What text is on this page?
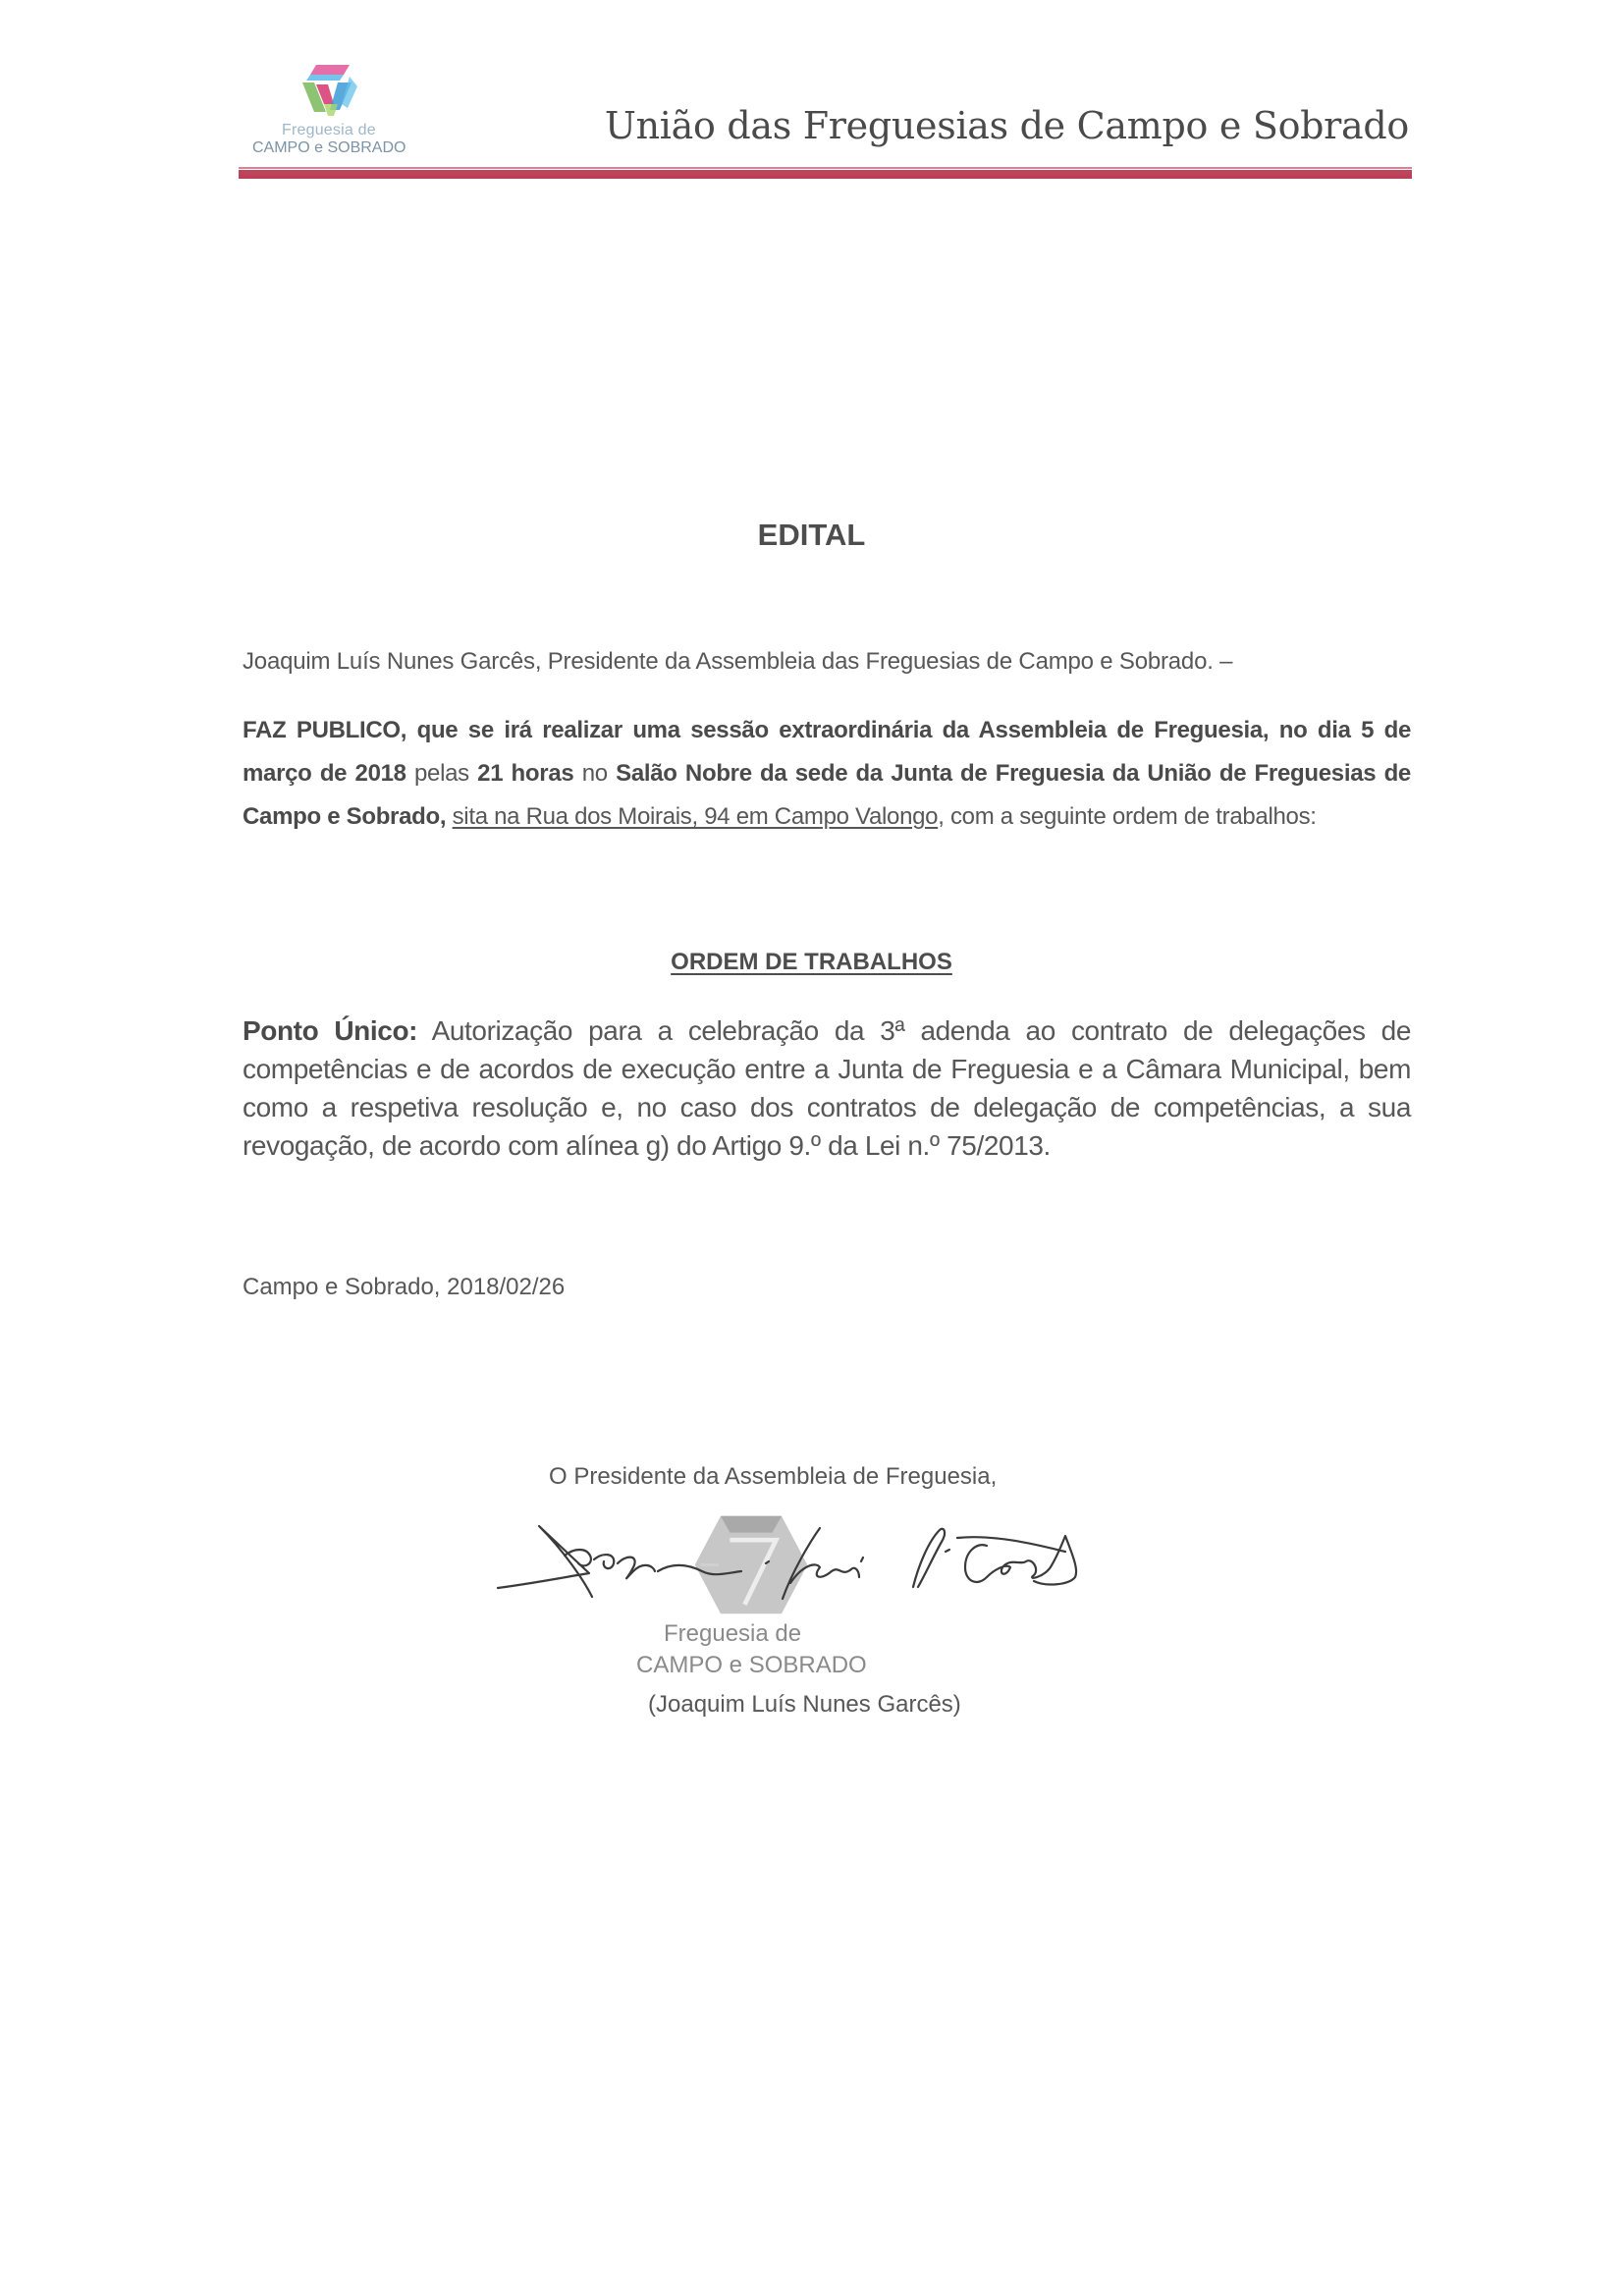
Freguesia de
CAMPO e SOBRADO
União das Freguesias de Campo e Sobrado
EDITAL
Joaquim Luís Nunes Garcês, Presidente da Assembleia das Freguesias de Campo e Sobrado. –
FAZ PUBLICO, que se irá realizar uma sessão extraordinária da Assembleia de Freguesia, no dia 5 de março de 2018 pelas 21 horas no Salão Nobre da sede da Junta de Freguesia da União de Freguesias de Campo e Sobrado, sita na Rua dos Moirais, 94 em Campo Valongo, com a seguinte ordem de trabalhos:
ORDEM DE TRABALHOS
Ponto Único: Autorização para a celebração da 3ª adenda ao contrato de delegações de competências e de acordos de execução entre a Junta de Freguesia e a Câmara Municipal, bem como a respetiva resolução e, no caso dos contratos de delegação de competências, a sua revogação, de acordo com alínea g) do Artigo 9.º da Lei n.º 75/2013.
Campo e Sobrado, 2018/02/26
O Presidente da Assembleia de Freguesia,
Freguesia de
CAMPO e SOBRADO
(Joaquim Luís Nunes Garcês)
